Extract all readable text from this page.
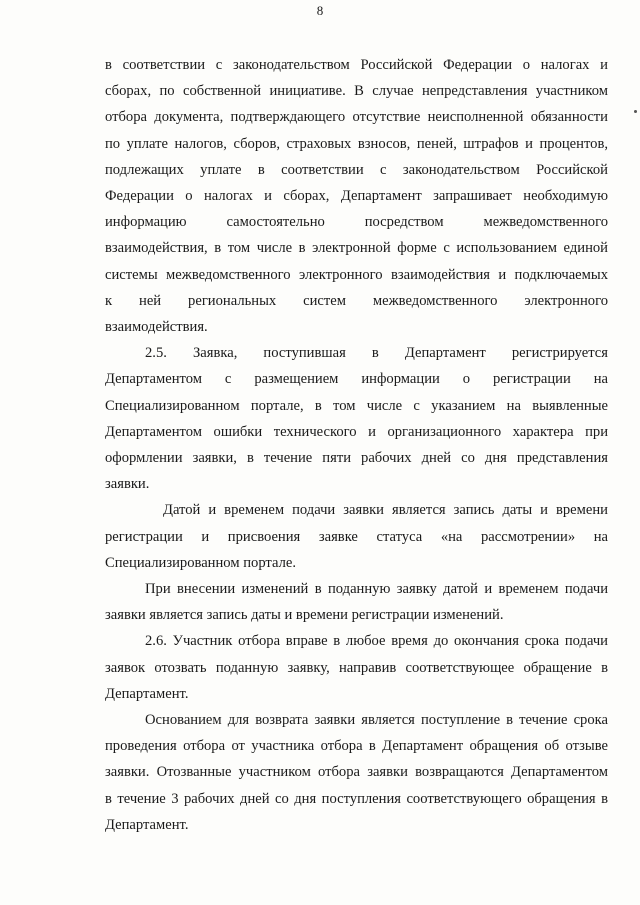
8

в соответствии с законодательством Российской Федерации о налогах и
сборах, по собственной инициативе. В случае непредставления участником
отбора документа, подтверждающего отсутствие неисполненной обязанности
по уплате налогов, сборов, страховых взносов, пеней, штрафов и процентов,
подлежащих уплате в соответствии с законодательством Российской
Федерации о налогах и сборах, Департамент запрашивает необходимую
информацию самостоятельно посредством межведомственного
взаимодействия, в том числе в электронной форме с использованием единой
системы межведомственного электронного взаимодействия и подключаемых
к ней региональных систем межведомственного электронного
взаимодействия.

2.5. Заявка, поступившая в Департамент регистрируется
Департаментом с размещением информации о регистрации на
Специализированном портале, в том числе с указанием на выявленные
Департаментом ошибки технического и организационного характера при
оформлении заявки, в течение пяти рабочих дней со дня представления
заявки.

Датой и временем подачи заявки является запись даты и времени
регистрации и присвоения заявке статуса «на рассмотрении» на
Специализированном портале.

При внесении изменений в поданную заявку датой и временем подачи
заявки является запись даты и времени регистрации изменений.

2.6. Участник отбора вправе в любое время до окончания срока подачи
заявок отозвать поданную заявку, направив соответствующее обращение в
Департамент.

Основанием для возврата заявки является поступление в течение срока
проведения отбора от участника отбора в Департамент обращения об отзыве
заявки. Отозванные участником отбора заявки возвращаются Департаментом
в течение 3 рабочих дней со дня поступления соответствующего обращения в
Департамент.
